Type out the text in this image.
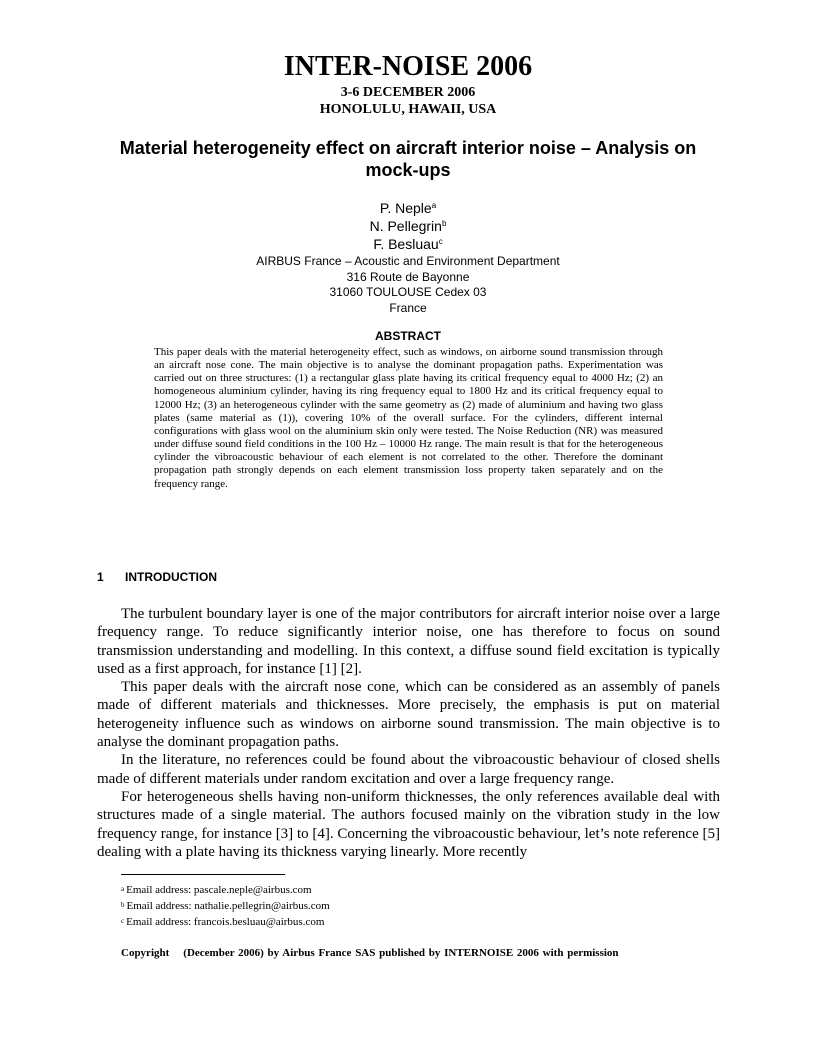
INTER-NOISE 2006
3-6 DECEMBER 2006
HONOLULU, HAWAII, USA
Material heterogeneity effect on aircraft interior noise – Analysis on mock-ups
P. Neple$^a$
N. Pellegrin$^b$
F. Besluau$^c$
AIRBUS France – Acoustic and Environment Department
316 Route de Bayonne
31060 TOULOUSE Cedex 03
France
ABSTRACT
This paper deals with the material heterogeneity effect, such as windows, on airborne sound transmission through an aircraft nose cone. The main objective is to analyse the dominant propagation paths. Experimentation was carried out on three structures: (1) a rectangular glass plate having its critical frequency equal to 4000 Hz; (2) an homogeneous aluminium cylinder, having its ring frequency equal to 1800 Hz and its critical frequency equal to 12000 Hz; (3) an heterogeneous cylinder with the same geometry as (2) made of aluminium and having two glass plates (same material as (1)), covering 10% of the overall surface. For the cylinders, different internal configurations with glass wool on the aluminium skin only were tested. The Noise Reduction (NR) was measured under diffuse sound field conditions in the 100 Hz – 10000 Hz range. The main result is that for the heterogeneous cylinder the vibroacoustic behaviour of each element is not correlated to the other. Therefore the dominant propagation path strongly depends on each element transmission loss property taken separately and on the frequency range.
1 INTRODUCTION

The turbulent boundary layer is one of the major contributors for aircraft interior noise over a large frequency range. To reduce significantly interior noise, one has therefore to focus on sound transmission understanding and modelling. In this context, a diffuse sound field excitation is typically used as a first approach, for instance [1] [2].

This paper deals with the aircraft nose cone, which can be considered as an assembly of panels made of different materials and thicknesses. More precisely, the emphasis is put on material heterogeneity influence such as windows on airborne sound transmission. The main objective is to analyse the dominant propagation paths.

In the literature, no references could be found about the vibroacoustic behaviour of closed shells made of different materials under random excitation and over a large frequency range.

For heterogeneous shells having non-uniform thicknesses, the only references available deal with structures made of a single material. The authors focused mainly on the vibration study in the low frequency range, for instance [3] to [4]. Concerning the vibroacoustic behaviour, let’s note reference [5] dealing with a plate having its thickness varying linearly. More recently

$^a$ Email address: pascale.neple@airbus.com
$^b$ Email address: nathalie.pellegrin@airbus.com
$^c$ Email address: francois.besluau@airbus.com
Copyright (December 2006) by Airbus France SAS published by INTERNOISE 2006 with permission
